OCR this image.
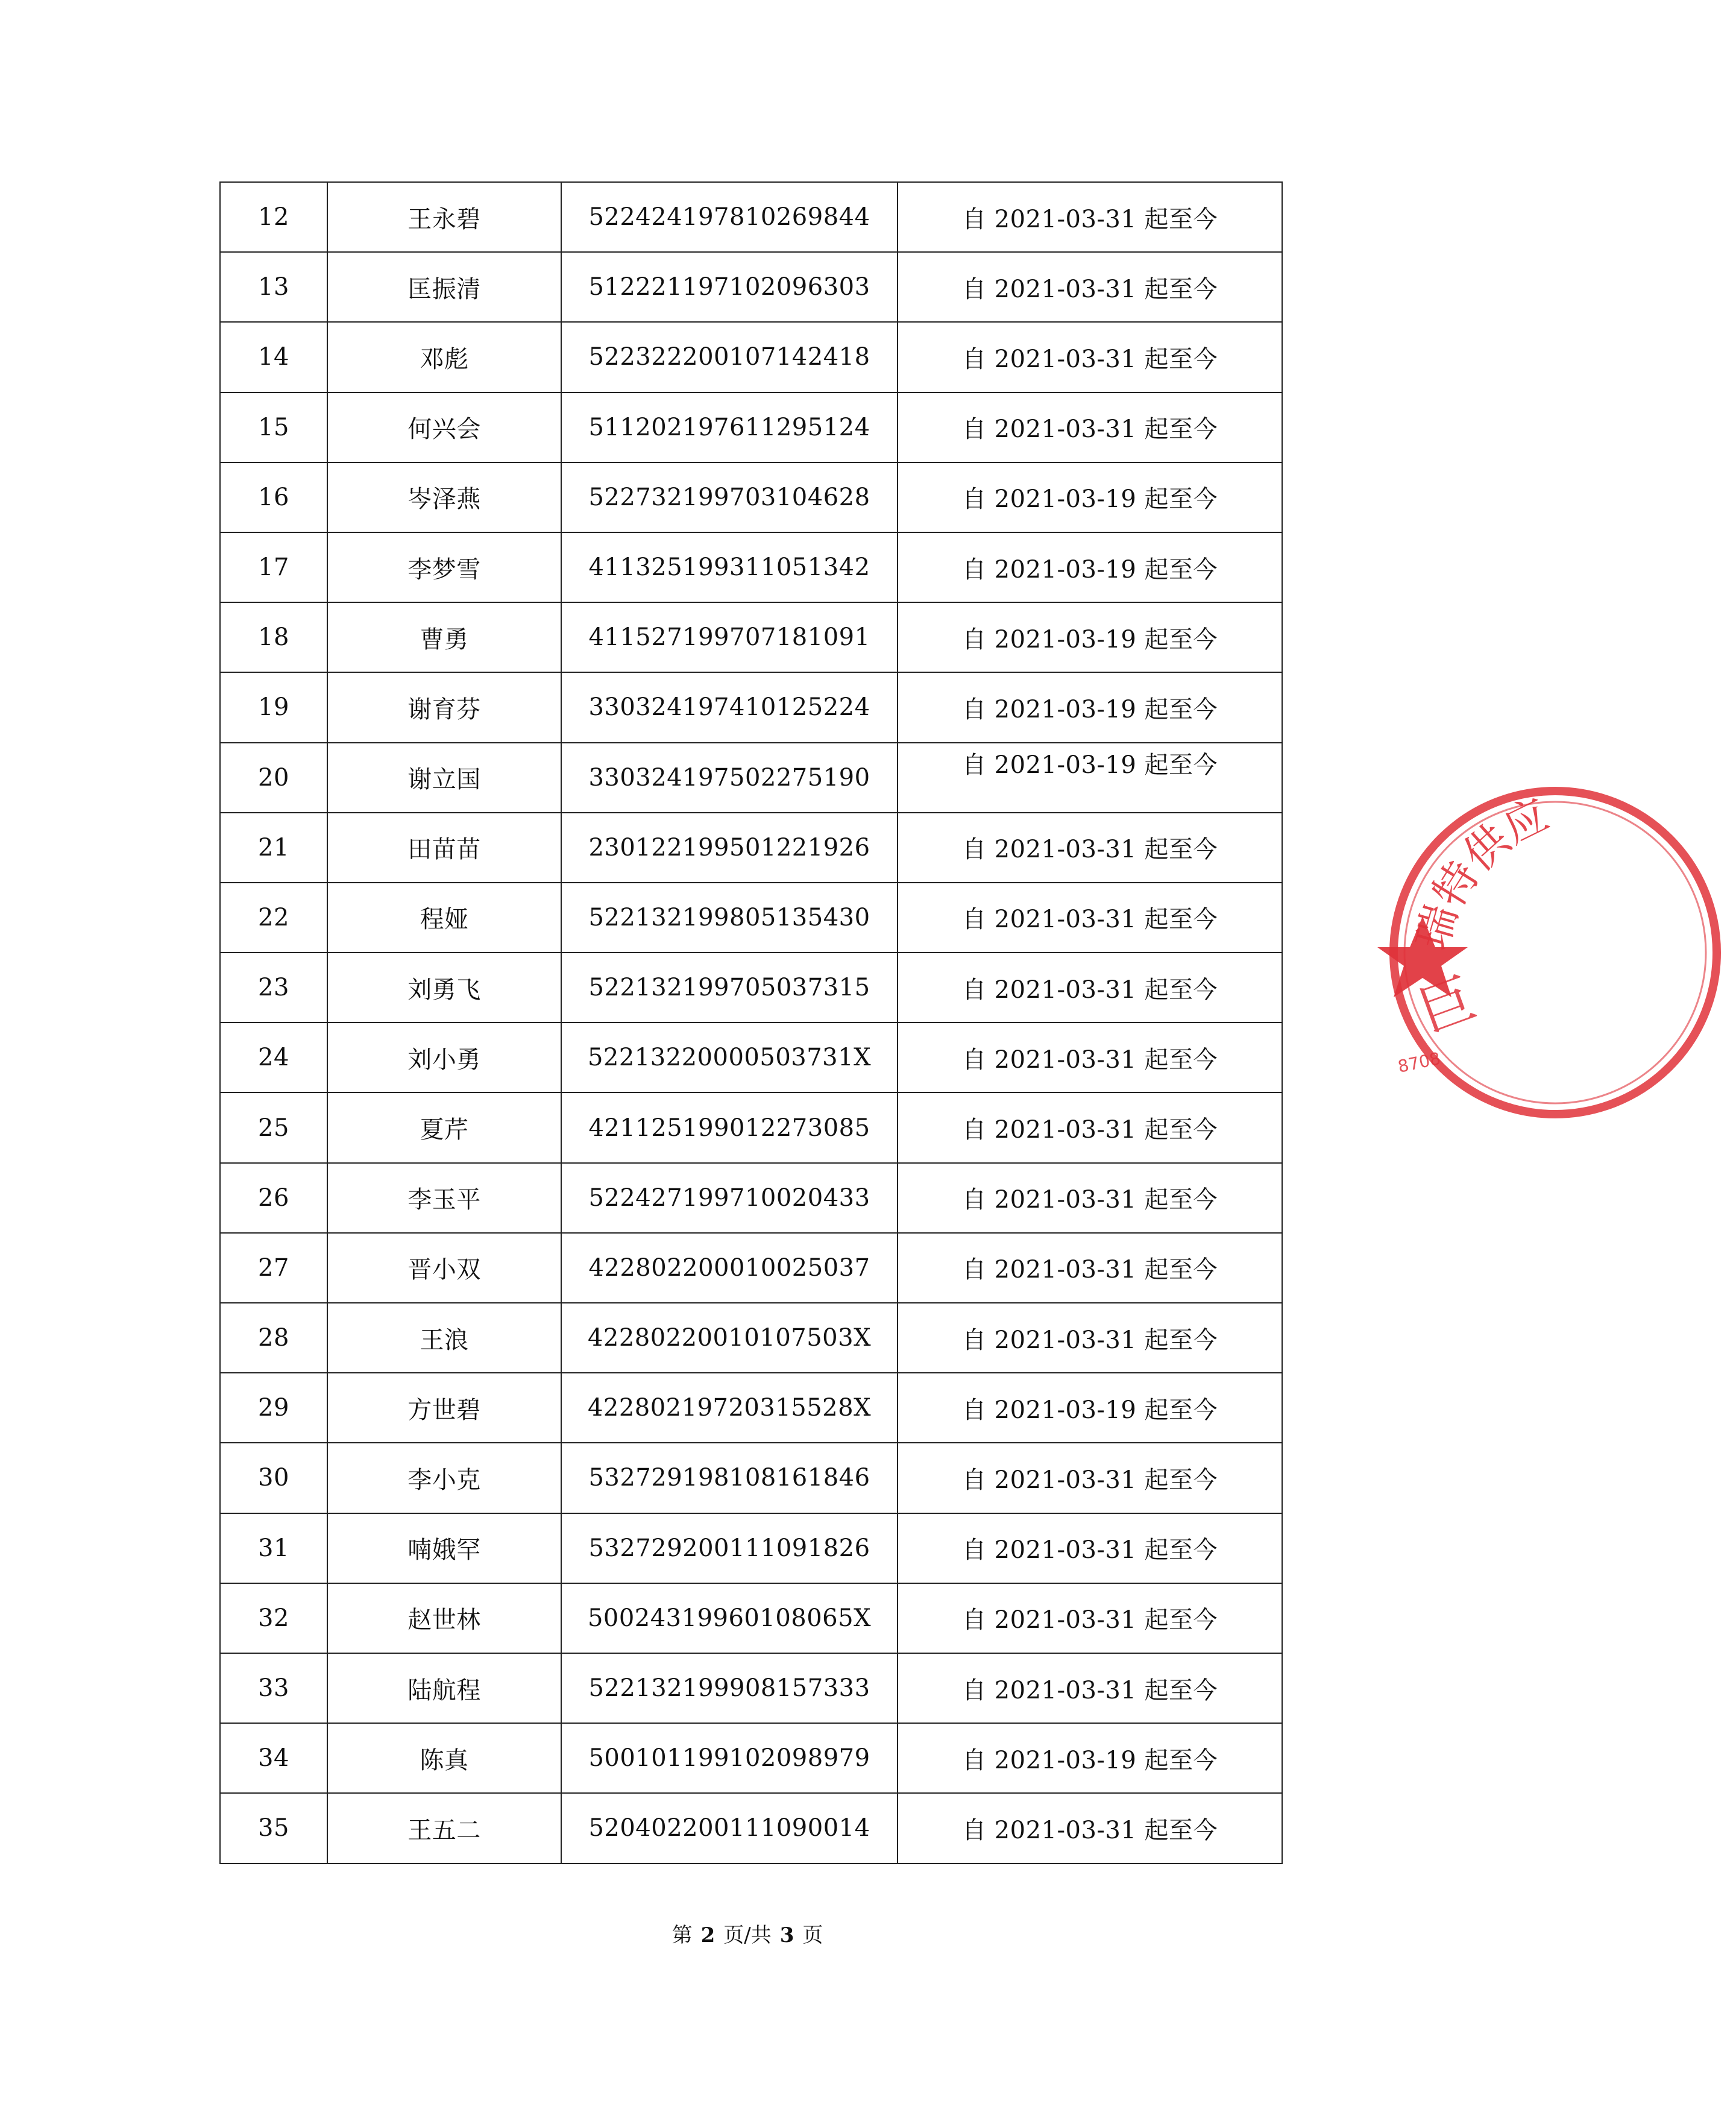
12	王永碧	522424197810269844	自 2021-03-31 起至今
13	匡振清	512221197102096303	自 2021-03-31 起至今
14	邓彪	522322200107142418	自 2021-03-31 起至今
15	何兴会	511202197611295124	自 2021-03-31 起至今
16	岑泽燕	522732199703104628	自 2021-03-19 起至今
17	李梦雪	411325199311051342	自 2021-03-19 起至今
18	曹勇	411527199707181091	自 2021-03-19 起至今
19	谢育芬	330324197410125224	自 2021-03-19 起至今
20	谢立国	330324197502275190	自 2021-03-19 起至今
21	田苗苗	230122199501221926	自 2021-03-31 起至今
22	程娅	522132199805135430	自 2021-03-31 起至今
23	刘勇飞	522132199705037315	自 2021-03-31 起至今
24	刘小勇	52213220000503731X	自 2021-03-31 起至今
25	夏芹	421125199012273085	自 2021-03-31 起至今
26	李玉平	522427199710020433	自 2021-03-31 起至今
27	晋小双	422802200010025037	自 2021-03-31 起至今
28	王浪	42280220010107503X	自 2021-03-31 起至今
29	方世碧	42280219720315528X	自 2021-03-19 起至今
30	李小克	532729198108161846	自 2021-03-31 起至今
31	喃娥罕	532729200111091826	自 2021-03-31 起至今
32	赵世林	50024319960108065X	自 2021-03-31 起至今
33	陆航程	522132199908157333	自 2021-03-31 起至今
34	陈真	500101199102098979	自 2021-03-19 起至今
35	王五二	520402200111090014	自 2021-03-31 起至今
第 2 页/共 3 页
瑞特供应
8708
巨
